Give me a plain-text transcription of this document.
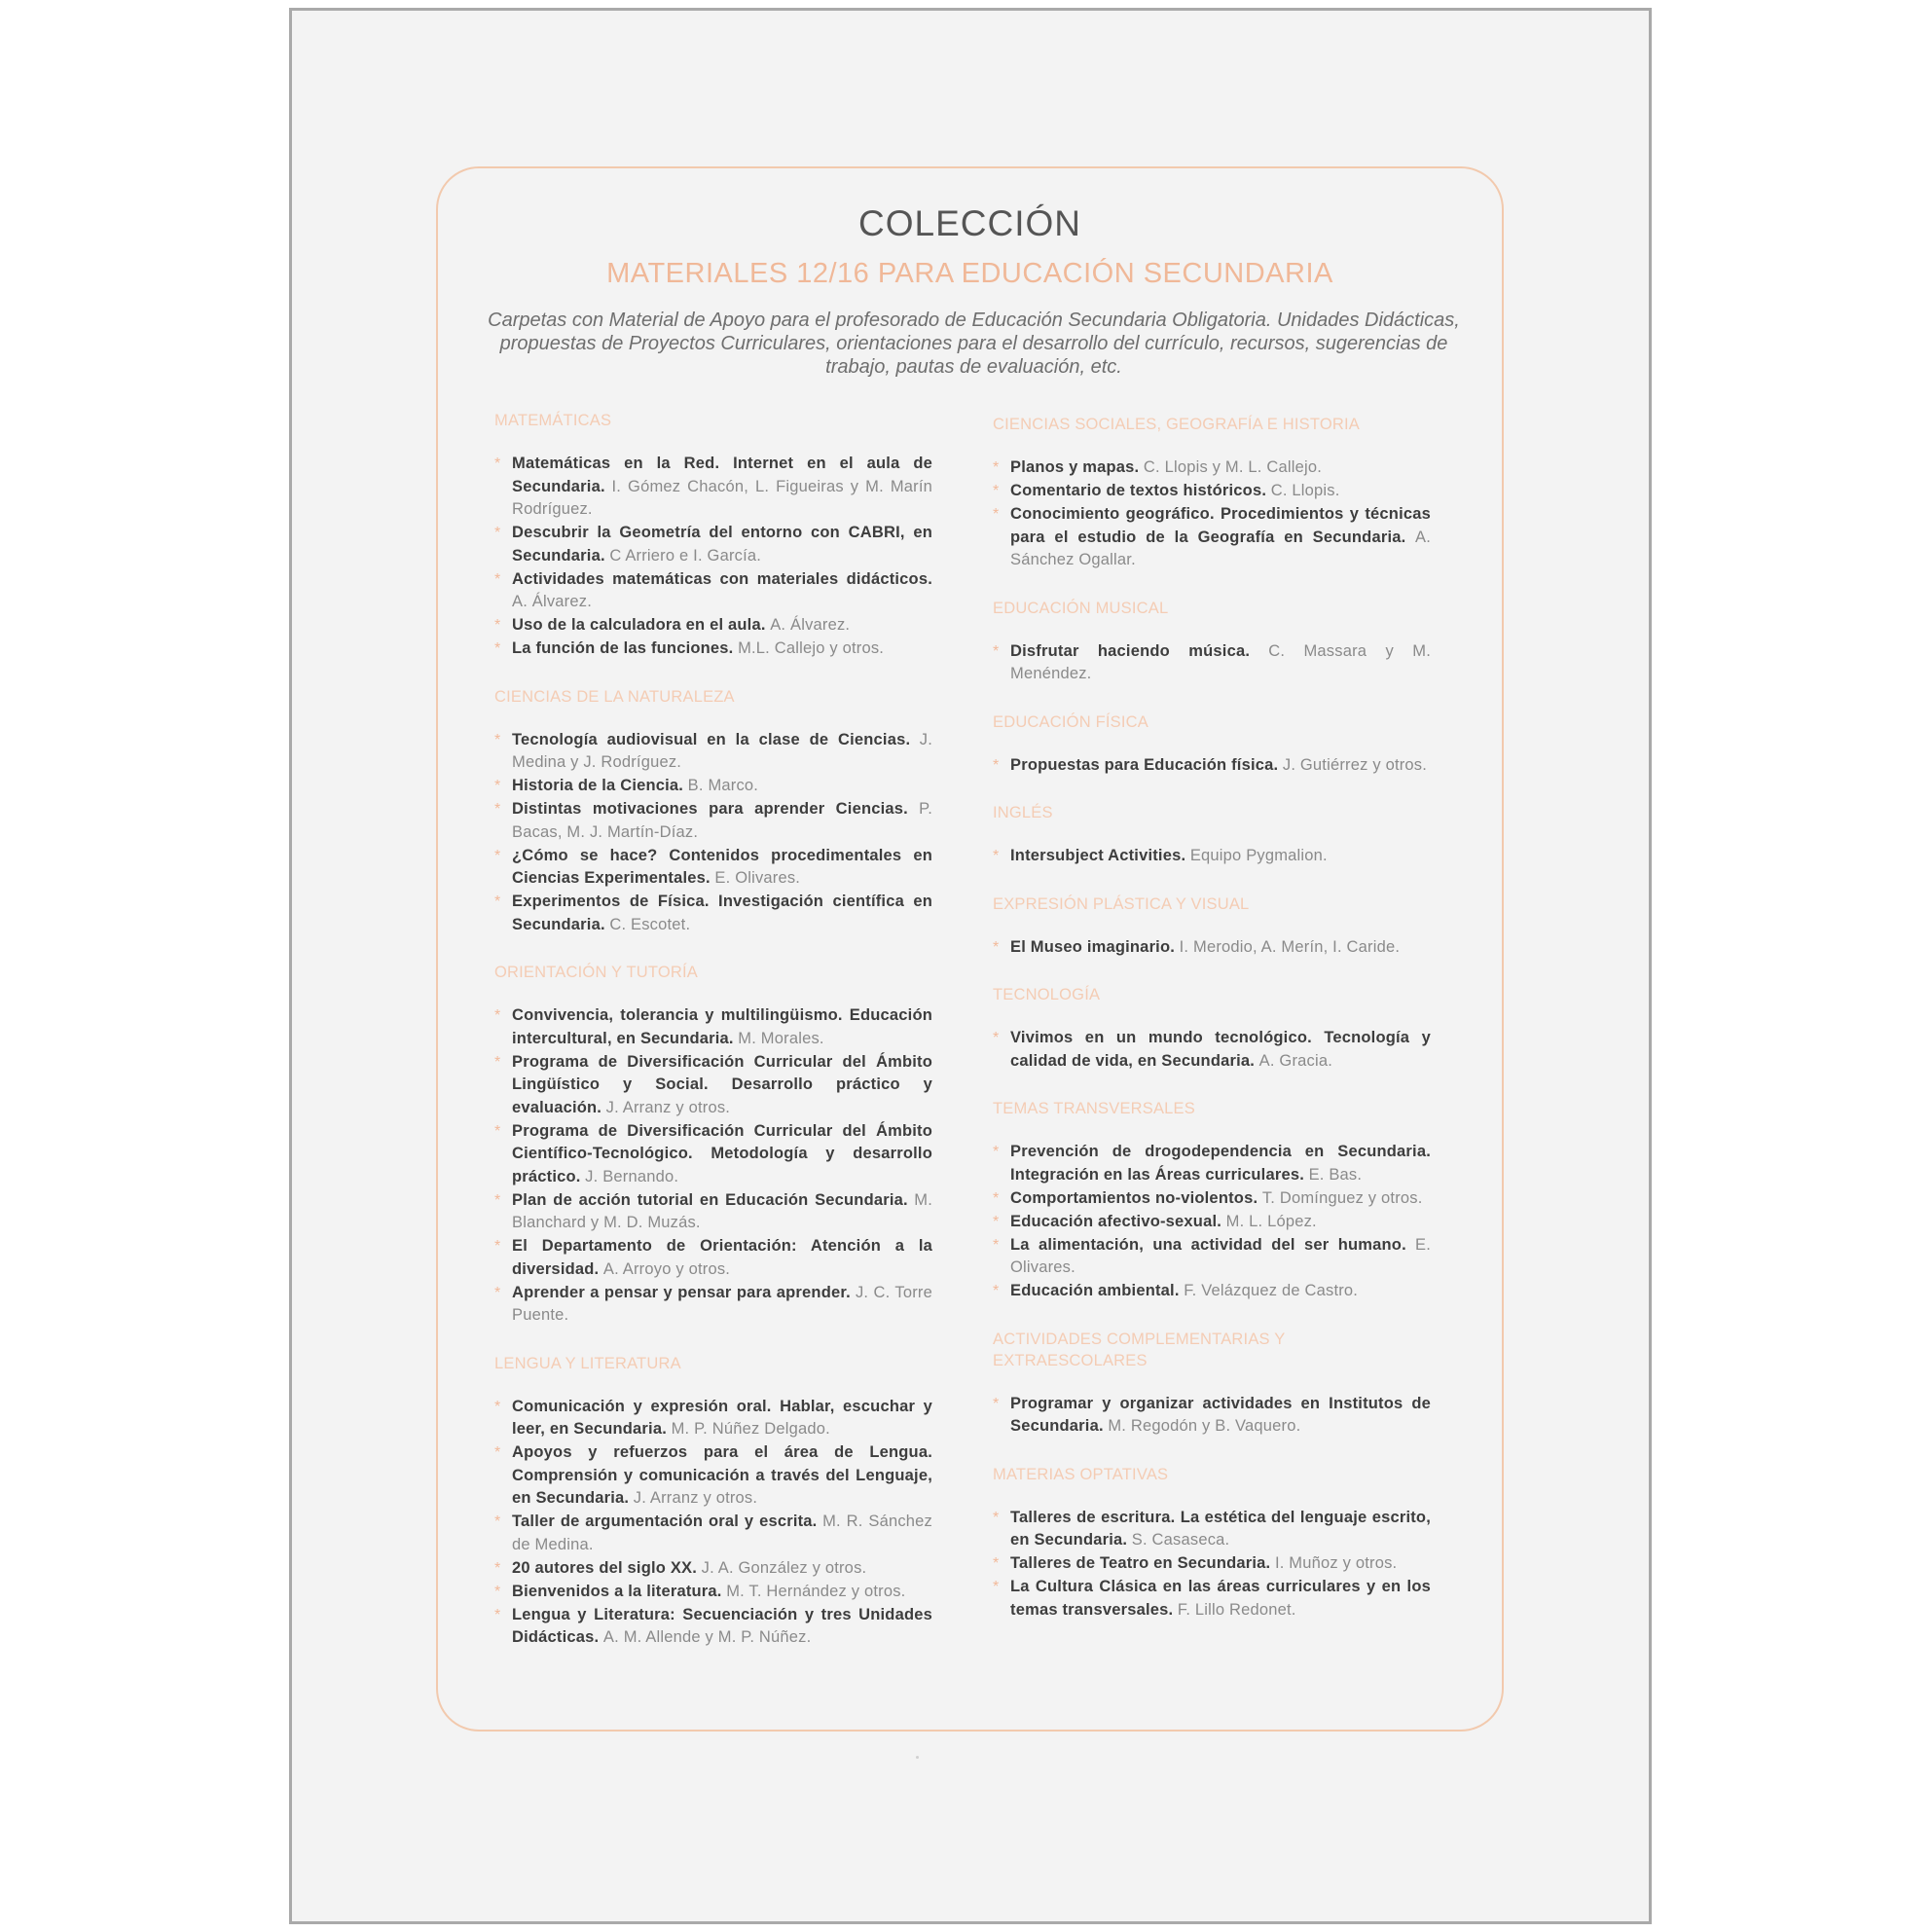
COLECCIÓN
MATERIALES 12/16 PARA EDUCACIÓN SECUNDARIA

Carpetas con Material de Apoyo para el profesorado de Educación Secundaria Obligatoria. Unidades Didácticas, propuestas de Proyectos Curriculares, orientaciones para el desarrollo del currículo, recursos, sugerencias de trabajo, pautas de evaluación, etc.

MATEMÁTICAS
* Matemáticas en la Red. Internet en el aula de Secundaria. I. Gómez Chacón, L. Figueiras y M. Marín Rodríguez.
* Descubrir la Geometría del entorno con CABRI, en Secundaria. C Arriero e I. García.
* Actividades matemáticas con materiales didácticos. A. Álvarez.
* Uso de la calculadora en el aula. A. Álvarez.
* La función de las funciones. M.L. Callejo y otros.
CIENCIAS DE LA NATURALEZA
* Tecnología audiovisual en la clase de Ciencias. J. Medina y J. Rodríguez.
* Historia de la Ciencia. B. Marco.
* Distintas motivaciones para aprender Ciencias. P. Bacas, M. J. Martín-Díaz.
* ¿Cómo se hace? Contenidos procedimentales en Ciencias Experimentales. E. Olivares.
* Experimentos de Física. Investigación científica en Secundaria. C. Escotet.
ORIENTACIÓN Y TUTORÍA
* Convivencia, tolerancia y multilingüismo. Educación intercultural, en Secundaria. M. Morales.
* Programa de Diversificación Curricular del Ámbito Lingüístico y Social. Desarrollo práctico y evaluación. J. Arranz y otros.
* Programa de Diversificación Curricular del Ámbito Científico-Tecnológico. Metodología y desarrollo práctico. J. Bernando.
* Plan de acción tutorial en Educación Secundaria. M. Blanchard y M. D. Muzás.
* El Departamento de Orientación: Atención a la diversidad. A. Arroyo y otros.
* Aprender a pensar y pensar para aprender. J. C. Torre Puente.
LENGUA Y LITERATURA
* Comunicación y expresión oral. Hablar, escuchar y leer, en Secundaria. M. P. Núñez Delgado.
* Apoyos y refuerzos para el área de Lengua. Comprensión y comunicación a través del Lenguaje, en Secundaria. J. Arranz y otros.
* Taller de argumentación oral y escrita. M. R. Sánchez de Medina.
* 20 autores del siglo XX. J. A. González y otros.
* Bienvenidos a la literatura. M. T. Hernández y otros.
* Lengua y Literatura: Secuenciación y tres Unidades Didácticas. A. M. Allende y M. P. Núñez.
CIENCIAS SOCIALES, GEOGRAFÍA E HISTORIA
* Planos y mapas. C. Llopis y M. L. Callejo.
* Comentario de textos históricos. C. Llopis.
* Conocimiento geográfico. Procedimientos y técnicas para el estudio de la Geografía en Secundaria. A. Sánchez Ogallar.
EDUCACIÓN MUSICAL
* Disfrutar haciendo música. C. Massara y M. Menéndez.
EDUCACIÓN FÍSICA
* Propuestas para Educación física. J. Gutiérrez y otros.
INGLÉS
* Intersubject Activities. Equipo Pygmalion.
EXPRESIÓN PLÁSTICA Y VISUAL
* El Museo imaginario. I. Merodio, A. Merín, I. Caride.
TECNOLOGÍA
* Vivimos en un mundo tecnológico. Tecnología y calidad de vida, en Secundaria. A. Gracia.
TEMAS TRANSVERSALES
* Prevención de drogodependencia en Secundaria. Integración en las Áreas curriculares. E. Bas.
* Comportamientos no-violentos. T. Domínguez y otros.
* Educación afectivo-sexual. M. L. López.
* La alimentación, una actividad del ser humano. E. Olivares.
* Educación ambiental. F. Velázquez de Castro.
ACTIVIDADES COMPLEMENTARIAS Y EXTRAESCOLARES
* Programar y organizar actividades en Institutos de Secundaria. M. Regodón y B. Vaquero.
MATERIAS OPTATIVAS
* Talleres de escritura. La estética del lenguaje escrito, en Secundaria. S. Casaseca.
* Talleres de Teatro en Secundaria. I. Muñoz y otros.
* La Cultura Clásica en las áreas curriculares y en los temas transversales. F. Lillo Redonet.
